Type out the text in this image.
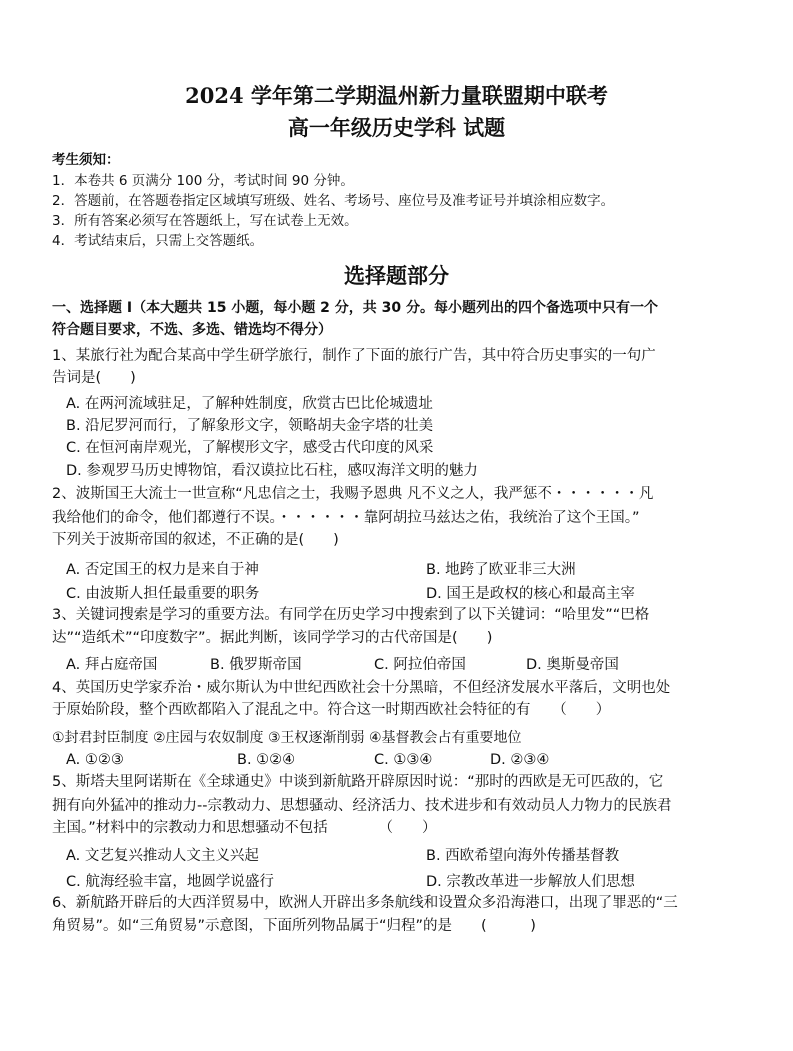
2024 学年第二学期温州新力量联盟期中联考
高一年级历史学科 试题
考生须知：
1．本卷共 6 页满分 100 分，考试时间 90 分钟。
2．答题前，在答题卷指定区域填写班级、姓名、考场号、座位号及准考证号并填涂相应数字。
3．所有答案必须写在答题纸上，写在试卷上无效。
4．考试结束后，只需上交答题纸。
选择题部分
一、选择题 I（本大题共 15 小题，每小题 2 分，共 30 分。每小题列出的四个备选项中只有一个
符合题目要求，不选、多选、错选均不得分）
1、某旅行社为配合某高中学生研学旅行，制作了下面的旅行广告，其中符合历史事实的一句广
告词是(　　)
A. 在两河流域驻足，了解种姓制度，欣赏古巴比伦城遗址
B. 沿尼罗河而行，了解象形文字，领略胡夫金字塔的壮美
C. 在恒河南岸观光，了解楔形文字，感受古代印度的风采
D. 参观罗马历史博物馆，看汉谟拉比石柱，感叹海洋文明的魅力
2、波斯国王大流士一世宣称“凡忠信之士，我赐予恩典 凡不义之人，我严惩不・・・・・・凡
我给他们的命令，他们都遵行不误。・・・・・・靠阿胡拉马兹达之佑，我统治了这个王国。”
下列关于波斯帝国的叙述，不正确的是(　　)
A. 否定国王的权力是来自于神	B. 地跨了欧亚非三大洲
C. 由波斯人担任最重要的职务	D. 国王是政权的核心和最高主宰
3、关键词搜索是学习的重要方法。有同学在历史学习中搜索到了以下关键词：“哈里发”“巴格
达”“造纸术”“印度数字”。据此判断，该同学学习的古代帝国是(　　)
A. 拜占庭帝国	B. 俄罗斯帝国	C. 阿拉伯帝国	D. 奥斯曼帝国
4、英国历史学家乔治・威尔斯认为中世纪西欧社会十分黑暗，不但经济发展水平落后，文明也处
于原始阶段，整个西欧都陷入了混乱之中。符合这一时期西欧社会特征的有　　（　　）
①封君封臣制度 ②庄园与农奴制度 ③王权逐渐削弱 ④基督教会占有重要地位
A. ①②③	B. ①②④	C. ①③④	D. ②③④
5、斯塔夫里阿诺斯在《全球通史》中谈到新航路开辟原因时说：“那时的西欧是无可匹敌的，它
拥有向外猛冲的推动力--宗教动力、思想骚动、经济活力、技术进步和有效动员人力物力的民族君
主国。”材料中的宗教动力和思想骚动不包括　　　　（　　）
A. 文艺复兴推动人文主义兴起	B. 西欧希望向海外传播基督教
C. 航海经验丰富，地圆学说盛行	D. 宗教改革进一步解放人们思想
6、新航路开辟后的大西洋贸易中，欧洲人开辟出多条航线和设置众多沿海港口，出现了罪恶的“三
角贸易”。如“三角贸易”示意图，下面所列物品属于“归程”的是　　(　　　)
